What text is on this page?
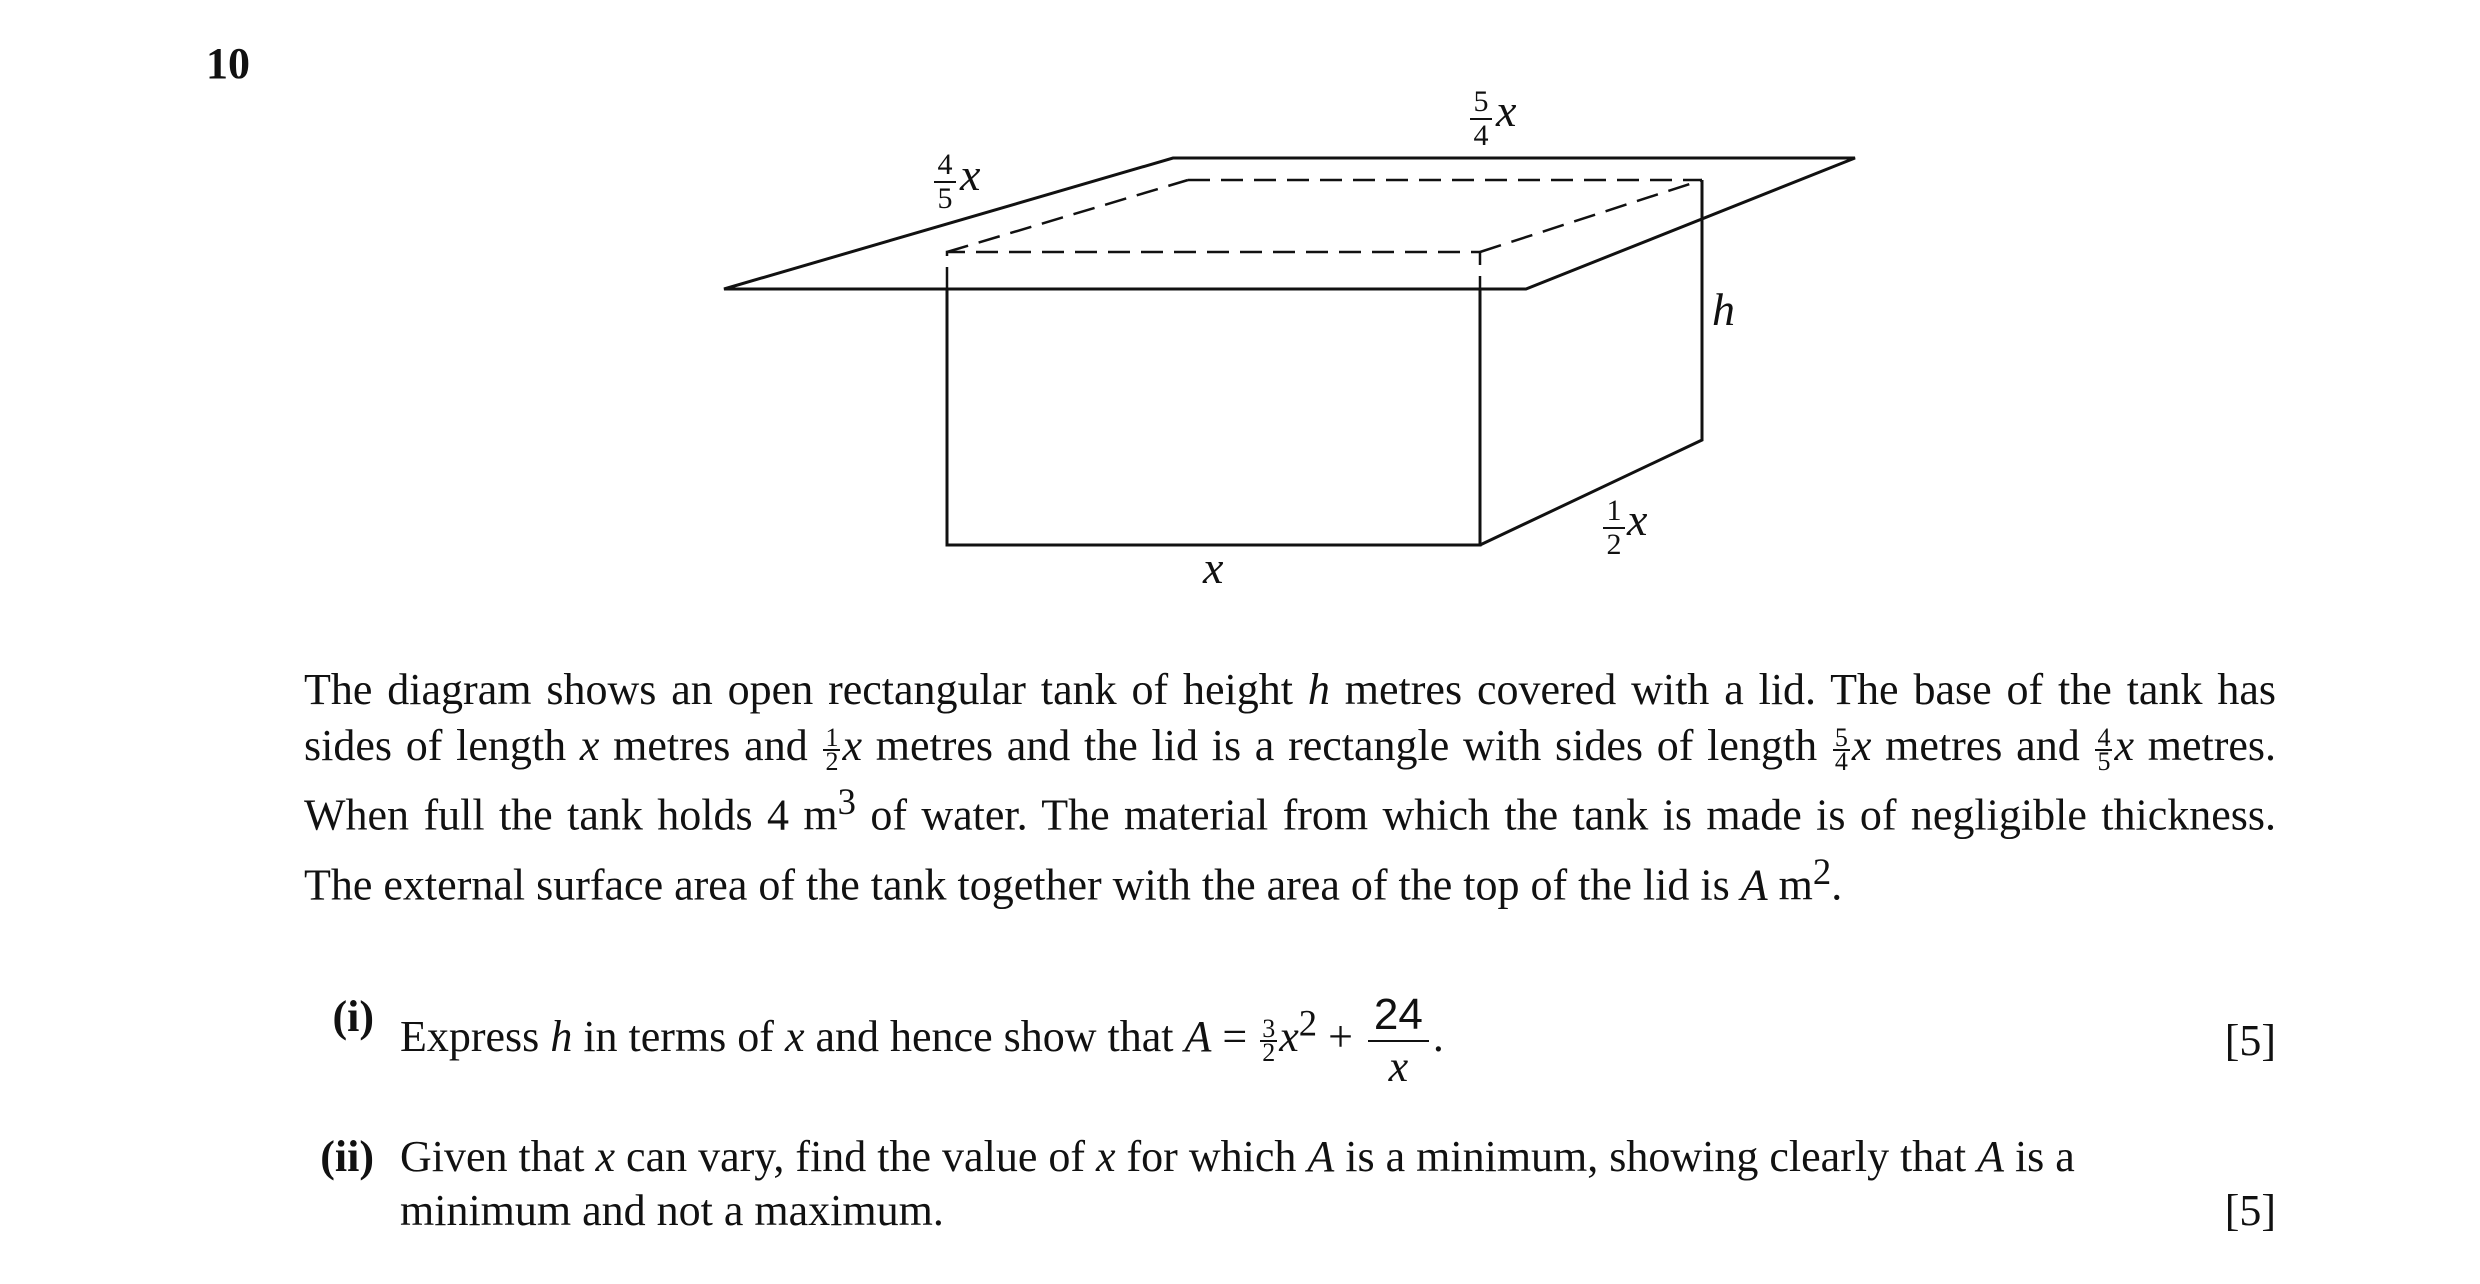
10
5
4 x
4
5 x
h
x
1
2 x
The diagram shows an open rectangular tank of height h metres covered with a lid. The base of the tank has sides of length x metres and $\frac{1}{2}$ x metres and the lid is a rectangle with sides of length $\frac{5}{4}$ x metres and $\frac{4}{5}$ x metres. When full the tank holds 4 $m^3$ of water. The material from which the tank is made is of negligible thickness. The external surface area of the tank together with the area of the top of the lid is A $m^2$.
(i) Express h in terms of x and hence show that $A = \frac{3}{2} x^2 + \frac{24}{x}$ .	[5]
(ii) Given that x can vary, find the value of x for which A is a minimum, showing clearly that A is a minimum and not a maximum.	[5]
